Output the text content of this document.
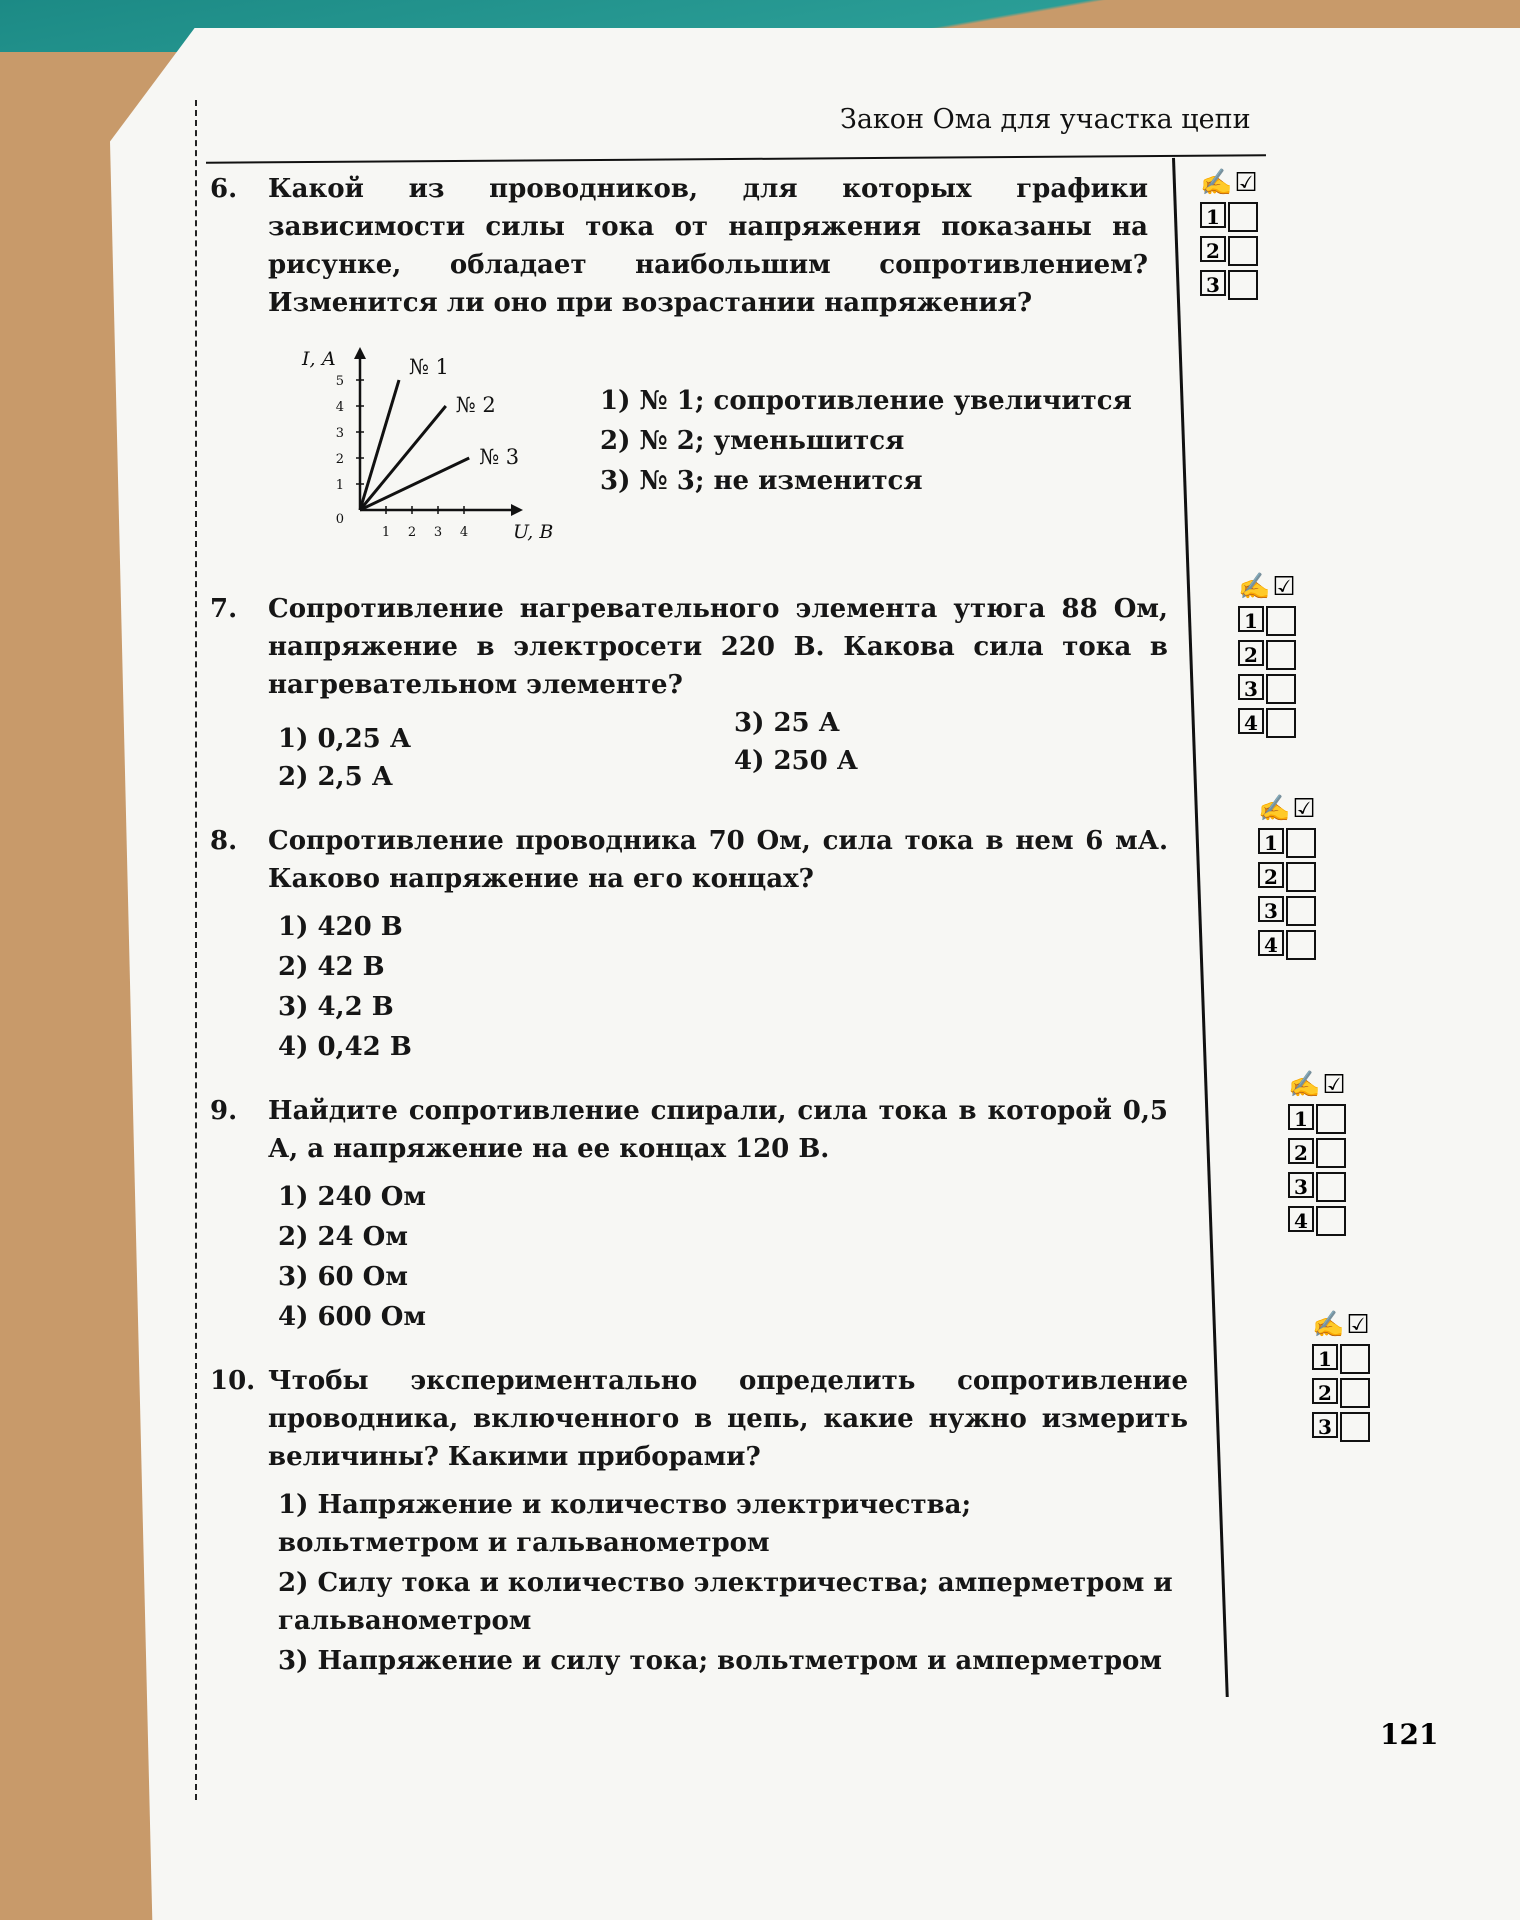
Закон Ома для участка цепи
6. Какой из проводников, для которых графики зависимости силы тока от напряжения показаны на рисунке, обладает наибольшим сопротивлением? Изменится ли оно при возрастании напряжения?
1 2 3 4
0
1
2
3
4
5
U, В
I, А	№ 1
№ 2
№ 3
1) № 1; сопротивление увеличится
2) № 2; уменьшится
3) № 3; не изменится
7. Сопротивление нагревательного элемента утюга 88 Ом, напряжение в электросети 220 В. Какова сила тока в нагревательном элементе?
1) 0,25 А
2) 2,5 А
3) 25 А
4) 250 А
8. Сопротивление проводника 70 Ом, сила тока в нем 6 мА. Каково напряжение на его концах?
1) 420 В
2) 42 В
3) 4,2 В
4) 0,42 В
9. Найдите сопротивление спирали, сила тока в которой 0,5 А, а напряжение на ее концах 120 В.
1) 240 Ом
2) 24 Ом
3) 60 Ом
4) 600 Ом
10. Чтобы экспериментально определить сопротивление проводника, включенного в цепь, какие нужно измерить величины? Какими приборами?
1) Напряжение и количество электричества; вольтметром и гальванометром
2) Силу тока и количество электричества; амперметром и гальванометром
3) Напряжение и силу тока; вольтметром и амперметром
✍☑
1
2
3
✍☑
1
2
3
4
✍☑
1
2
3
4
✍☑
1
2
3
4
✍☑
1
2
3
121
